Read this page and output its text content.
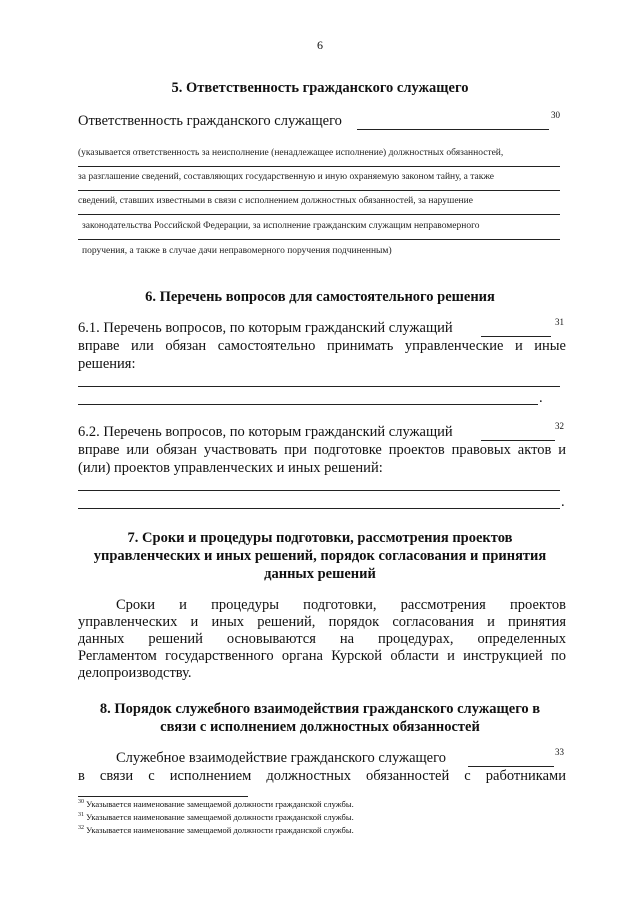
6
5. Ответственность гражданского служащего
Ответственность гражданского служащего	30
(указывается ответственность за неисполнение (ненадлежащее исполнение) должностных обязанностей,
за разглашение сведений, составляющих государственную и иную охраняемую законом тайну, а также
сведений, ставших известными в связи с исполнением должностных обязанностей, за нарушение
законодательства Российской Федерации, за исполнение гражданским служащим неправомерного
поручения, а также в случае дачи неправомерного поручения подчиненным)
6. Перечень вопросов для самостоятельного решения
6.1. Перечень вопросов, по которым гражданский служащий	31
вправе или обязан самостоятельно принимать управленческие и иные
решения:
.
6.2. Перечень вопросов, по которым гражданский служащий	32
вправе или обязан участвовать при подготовке проектов правовых актов и
(или) проектов управленческих и иных решений:
.
7. Сроки и процедуры подготовки, рассмотрения проектов
управленческих и иных решений, порядок согласования и принятия
данных решений
Сроки и процедуры подготовки, рассмотрения проектов
управленческих и иных решений, порядок согласования и принятия
данных решений основываются на процедурах, определенных
Регламентом государственного органа Курской области и инструкцией по
делопроизводству.
8. Порядок служебного взаимодействия гражданского служащего в
связи с исполнением должностных обязанностей
Служебное взаимодействие гражданского служащего	33
в связи с исполнением должностных обязанностей с работниками
$^{30}$ Указывается наименование замещаемой должности гражданской службы.
$^{31}$ Указывается наименование замещаемой должности гражданской службы.
$^{32}$ Указывается наименование замещаемой должности гражданской службы.
